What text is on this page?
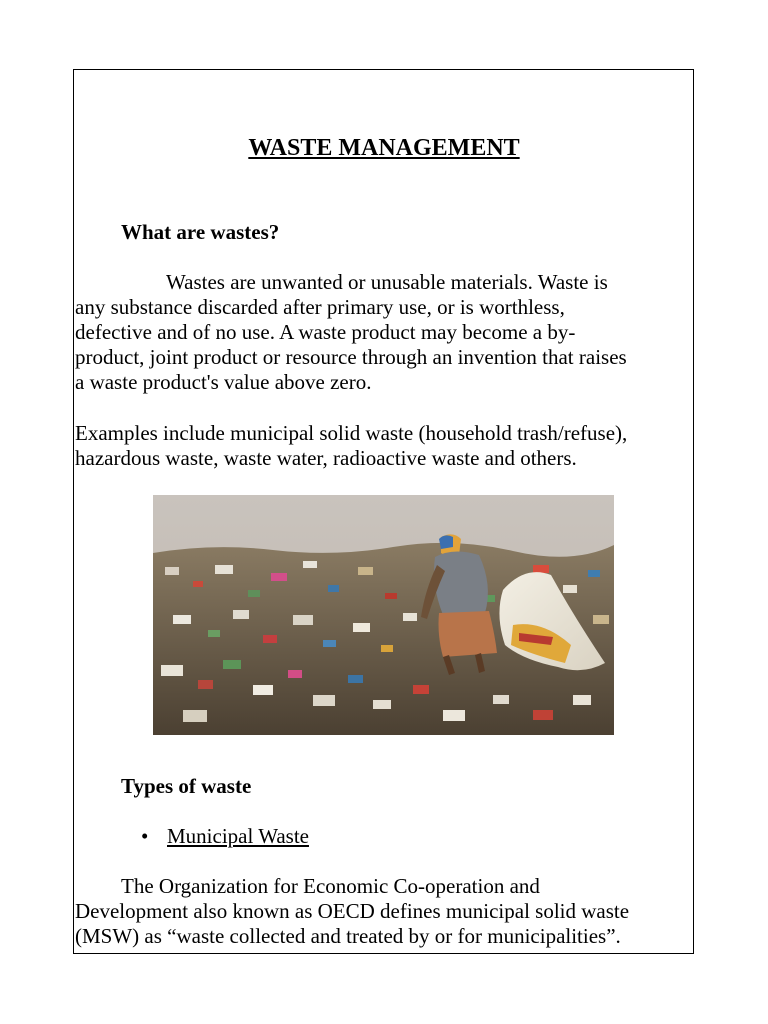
WASTE MANAGEMENT
What are wastes?

Wastes are unwanted or unusable materials. Waste is
any substance discarded after primary use, or is worthless,
defective and of no use. A waste product may become a by-
product, joint product or resource through an invention that raises
a waste product's value above zero.

Examples include municipal solid waste (household trash/refuse),
hazardous waste, waste water, radioactive waste and others.

Types of waste
• Municipal Waste

The Organization for Economic Co-operation and
Development also known as OECD defines municipal solid waste
(MSW) as “waste collected and treated by or for municipalities”.
